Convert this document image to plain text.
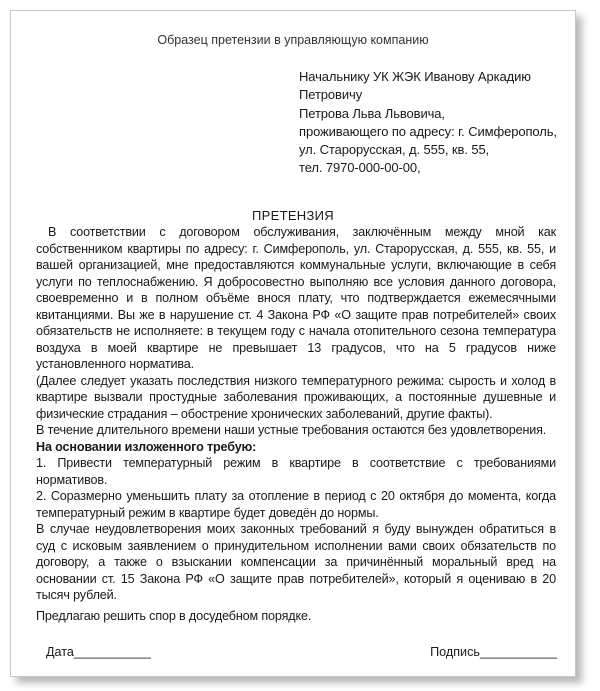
Образец претензии в управляющую компанию
Начальнику УК ЖЭК Иванову Аркадию
Петровичу
Петрова Льва Львовича,
проживающего по адресу: г. Симферополь,
ул. Старорусская, д. 555, кв. 55,
тел. 7970-000-00-00,
ПРЕТЕНЗИЯ

В соответствии с договором обслуживания, заключённым между мной как собственником квартиры по адресу: г. Симферополь, ул. Старорусская, д. 555, кв. 55, и вашей организацией, мне предоставляются коммунальные услуги, включающие в себя услуги по теплоснабжению. Я добросовестно выполняю все условия данного договора, своевременно и в полном объёме внося плату, что подтверждается ежемесячными квитанциями. Вы же в нарушение ст. 4 Закона РФ «О защите прав потребителей» своих обязательств не исполняете: в текущем году с начала отопительного сезона температура воздуха в моей квартире не превышает 13 градусов, что на 5 градусов ниже установленного норматива.

(Далее следует указать последствия низкого температурного режима: сырость и холод в квартире вызвали простудные заболевания проживающих, а постоянные душевные и физические страдания – обострение хронических заболеваний, другие факты).

В течение длительного времени наши устные требования остаются без удовлетворения.

На основании изложенного требую:

1. Привести температурный режим в квартире в соответствие с требованиями нормативов.

2. Соразмерно уменьшить плату за отопление в период с 20 октября до момента, когда температурный режим в квартире будет доведён до нормы.

В случае неудовлетворения моих законных требований я буду вынужден обратиться в суд с исковым заявлением о принудительном исполнении вами своих обязательств по договору, а также о взыскании компенсации за причинённый моральный вред на основании ст. 15 Закона РФ «О защите прав потребителей», который я оцениваю в 20 тысяч рублей.

Предлагаю решить спор в досудебном порядке.

Дата___________	Подпись___________
